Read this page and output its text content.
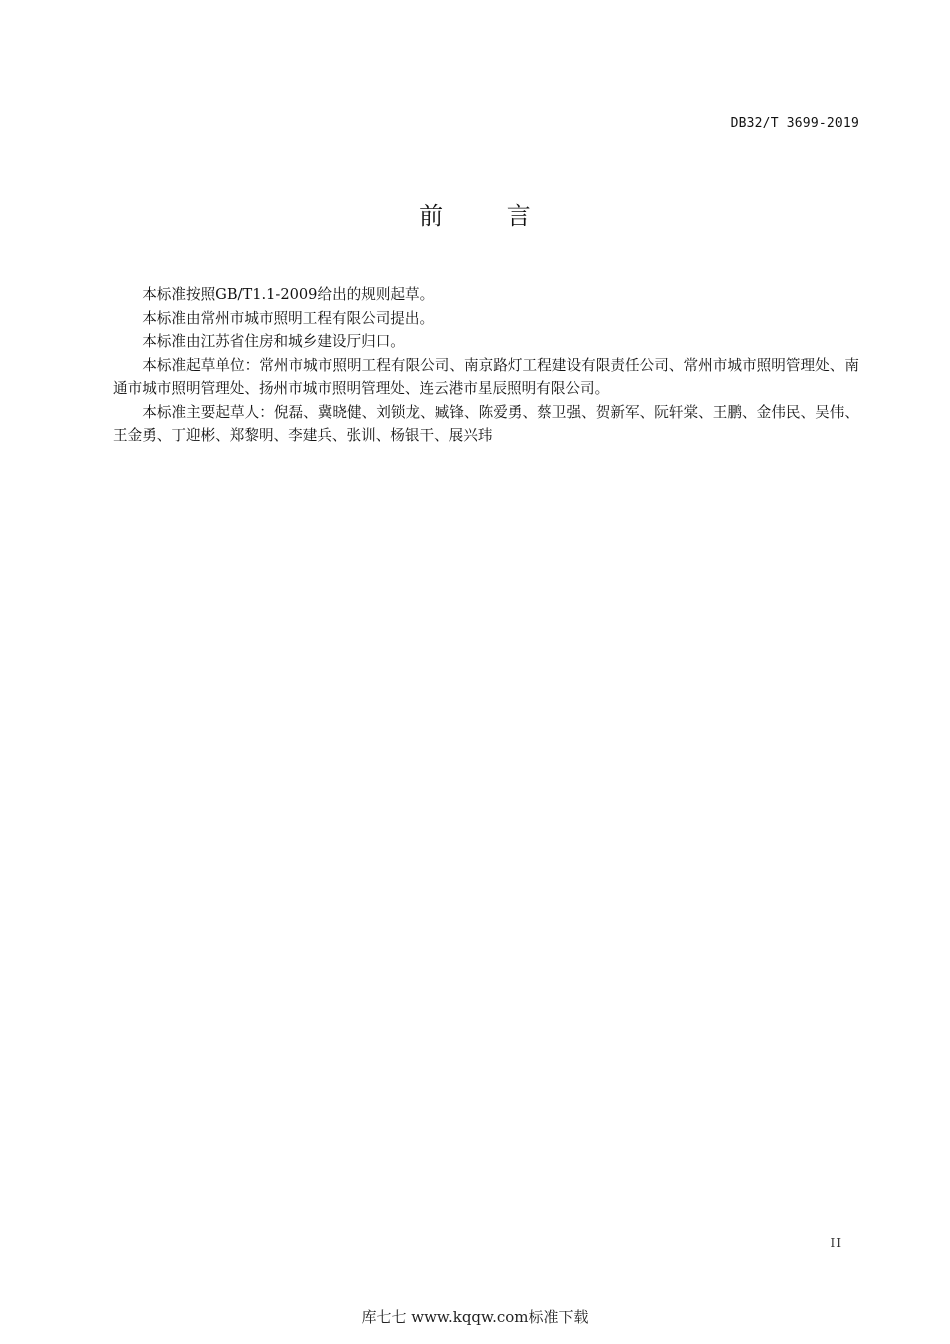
DB32/T 3699-2019
前 言

本标准按照GB/T1.1-2009给出的规则起草。

本标准由常州市城市照明工程有限公司提出。

本标准由江苏省住房和城乡建设厅归口。

本标准起草单位：常州市城市照明工程有限公司、南京路灯工程建设有限责任公司、常州市城市照明管理处、南通市城市照明管理处、扬州市城市照明管理处、连云港市星辰照明有限公司。

本标准主要起草人：倪磊、冀晓健、刘锁龙、臧锋、陈爱勇、蔡卫强、贺新军、阮轩棠、王鹏、金伟民、吴伟、王金勇、丁迎彬、郑黎明、李建兵、张训、杨银干、展兴玮

II
库七七 www.kqqw.com标准下载
